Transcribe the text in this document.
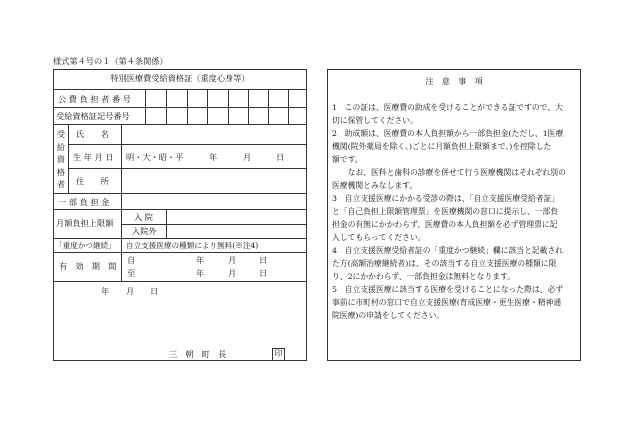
様式第４号の１（第４条関係）
特別医療費受給資格証（重度心身等）
公 費 負 担 者 番 号
受給資格証記号番号
受
給
資
格
者
氏　　名
生 年 月 日 明・大・昭・平	年	月	日
住　　所
一 部 負 担 金
月額負担上限額
入 院
入院外
「重度かつ継続」 自立支援医療の種類により無料(※注4)
有　効　期　間
自	年	月	日
至	年	月	日
年 月 日
三　朝　町　長	印
注　意　事　項
1　この証は、医療費の助成を受けることができる証ですので、大
切に保管してください。
2　助成額は、医療費の本人負担額から一部負担金(ただし、1医療
機関(院外薬局を除く。)ごとに月額負担上限額まで。)を控除した
額です。
　　なお、医科と歯科の診療を併せて行う医療機関はそれぞれ別の
医療機関とみなします。
3　自立支援医療にかかる受診の際は、「自立支援医療受給者証」
と「自己負担上限額管理票」を医療機関の窓口に提示し、一部負
担金の有無にかかわらず、医療費の本人負担額を必ず管理票に記
入してもらってください。
4　自立支援医療受給者証の「重度かつ継続」欄に該当と記載され
た方(高額治療継続者)は、その該当する自立支援医療の種類に限
り、2にかかわらず、一部負担金は無料となります。
5　自立支援医療に該当する医療を受けることになった際は、必ず
事前に市町村の窓口で自立支援医療(育成医療・更生医療・精神通
院医療)の申請をしてください。
